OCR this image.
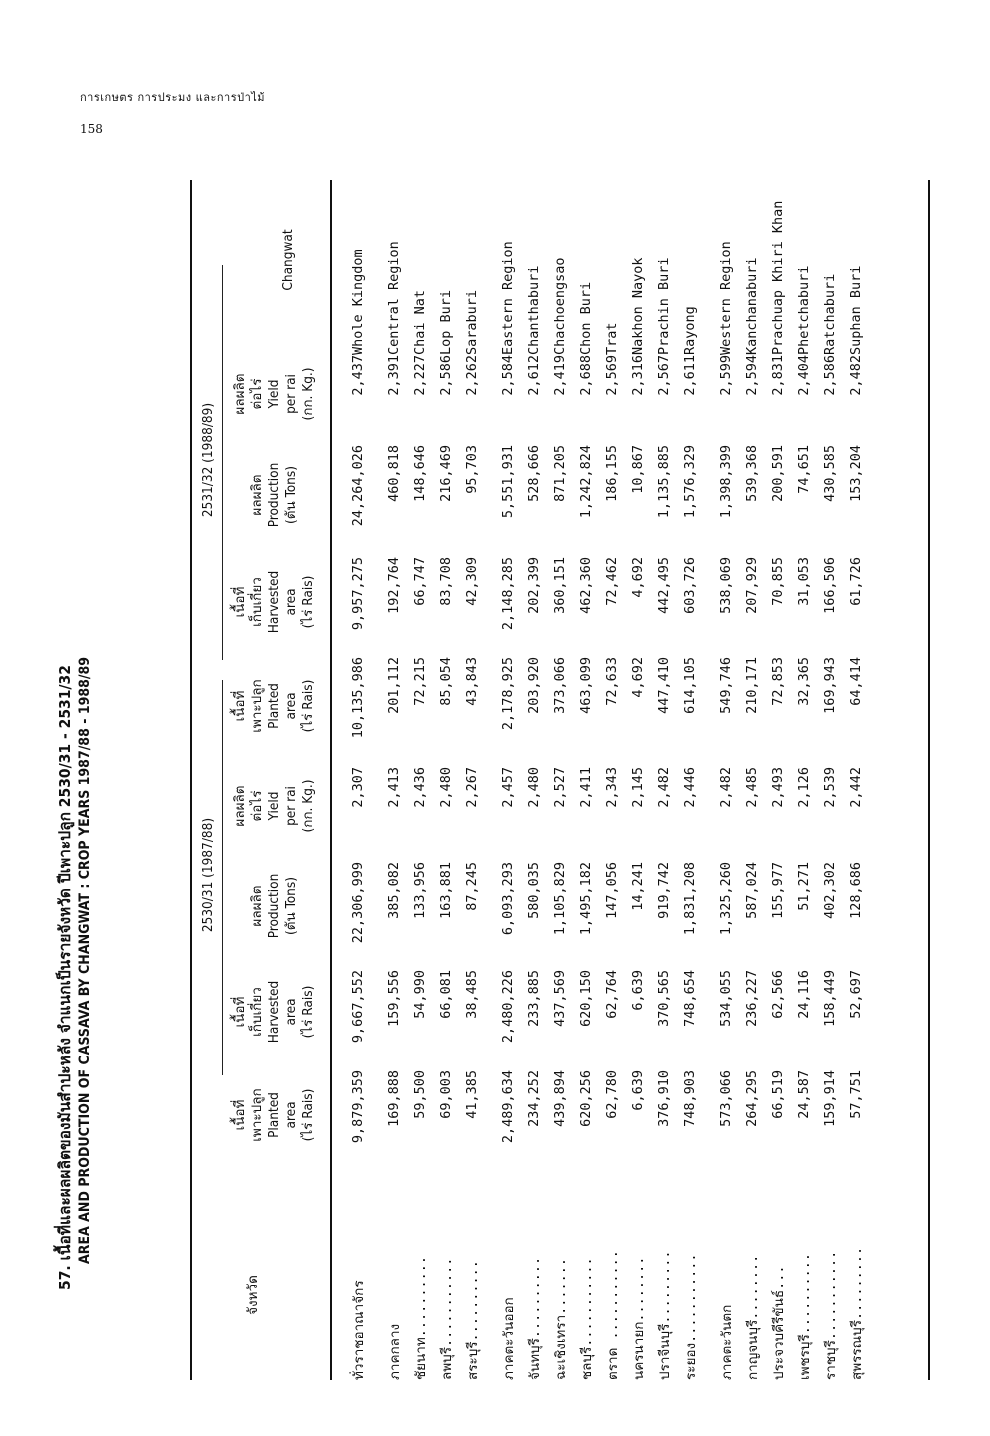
การเกษตร การประมง และการป่าไม้
158
57. เนื้อที่และผลผลิตของมันสำปะหลัง จำแนกเป็นรายจังหวัด ปีเพาะปลูก 2530/31 - 2531/32 AREA AND PRODUCTION OF CASSAVA BY CHANGWAT : CROP YEARS 1987/88 - 1988/89
จังหวัด
2530/31 (1987/88)
2531/32 (1988/89)
เนื้อที่ เพาะปลูก Planted area (ไร่ Rais)
เนื้อที่ เก็บเกี่ยว Harvested area (ไร่ Rais)
ผลผลิต Production (ตัน Tons)
ผลผลิต ต่อไร่ Yield per rai (กก. Kg.)
เนื้อที่ เพาะปลูก Planted area (ไร่ Rais)
เนื้อที่ เก็บเกี่ยว Harvested area (ไร่ Rais)
ผลผลิต Production (ตัน Tons)
ผลผลิต ต่อไร่ Yield per rai (กก. Kg.)
Changwat
ทั่วราชอาณาจักร	9,879,359	9,667,552	22,306,999	2,307	10,135,986	9,957,275	24,264,026	2,437	Whole Kingdom

ภาคกลาง	169,888	159,556	385,082	2,413	201,112	192,764	460,818	2,391	Central Region
ชัยนาท..........	59,500	54,990	133,956	2,436	72,215	66,747	148,646	2,227	Chai Nat
ลพบุรี...........	69,003	66,081	163,881	2,480	85,054	83,708	216,469	2,586	Lop Buri
สระบุรี..........	41,385	38,485	87,245	2,267	43,843	42,309	95,703	2,262	Saraburi

ภาคตะวันออก	2,489,634	2,480,226	6,093,293	2,457	2,178,925	2,148,285	5,551,931	2,584	Eastern Region
จันทบุรี..........	234,252	233,885	580,035	2,480	203,920	202,399	528,666	2,612	Chanthaburi
ฉะเชิงเทรา.......	439,894	437,569	1,105,829	2,527	373,066	360,151	871,205	2,419	Chachoengsao
ชลบุรี...........	620,256	620,150	1,495,182	2,411	463,099	462,360	1,242,824	2,688	Chon Buri
ตราด ...........	62,780	62,764	147,056	2,343	72,633	72,462	186,155	2,569	Trat
นครนายก........	6,639	6,639	14,241	2,145	4,692	4,692	10,867	2,316	Nakhon Nayok
ปราจีนบุรี.........	376,910	370,565	919,742	2,482	447,410	442,495	1,135,885	2,567	Prachin Buri
ระยอง...........	748,903	748,654	1,831,208	2,446	614,105	603,726	1,576,329	2,611	Rayong

ภาคตะวันตก	573,066	534,055	1,325,260	2,482	549,746	538,069	1,398,399	2,599	Western Region
กาญจนบุรี........	264,295	236,227	587,024	2,485	210,171	207,929	539,368	2,594	Kanchanaburi
ประจวบคีรีขันธ์...	66,519	62,566	155,977	2,493	72,853	70,855	200,591	2,831	Prachuap Khiri Khan
เพชรบุรี..........	24,587	24,116	51,271	2,126	32,365	31,053	74,651	2,404	Phetchaburi
ราชบุรี...........	159,914	158,449	402,302	2,539	169,943	166,506	430,585	2,586	Ratchaburi
สุพรรณบุรี.........	57,751	52,697	128,686	2,442	64,414	61,726	153,204	2,482	Suphan Buri
